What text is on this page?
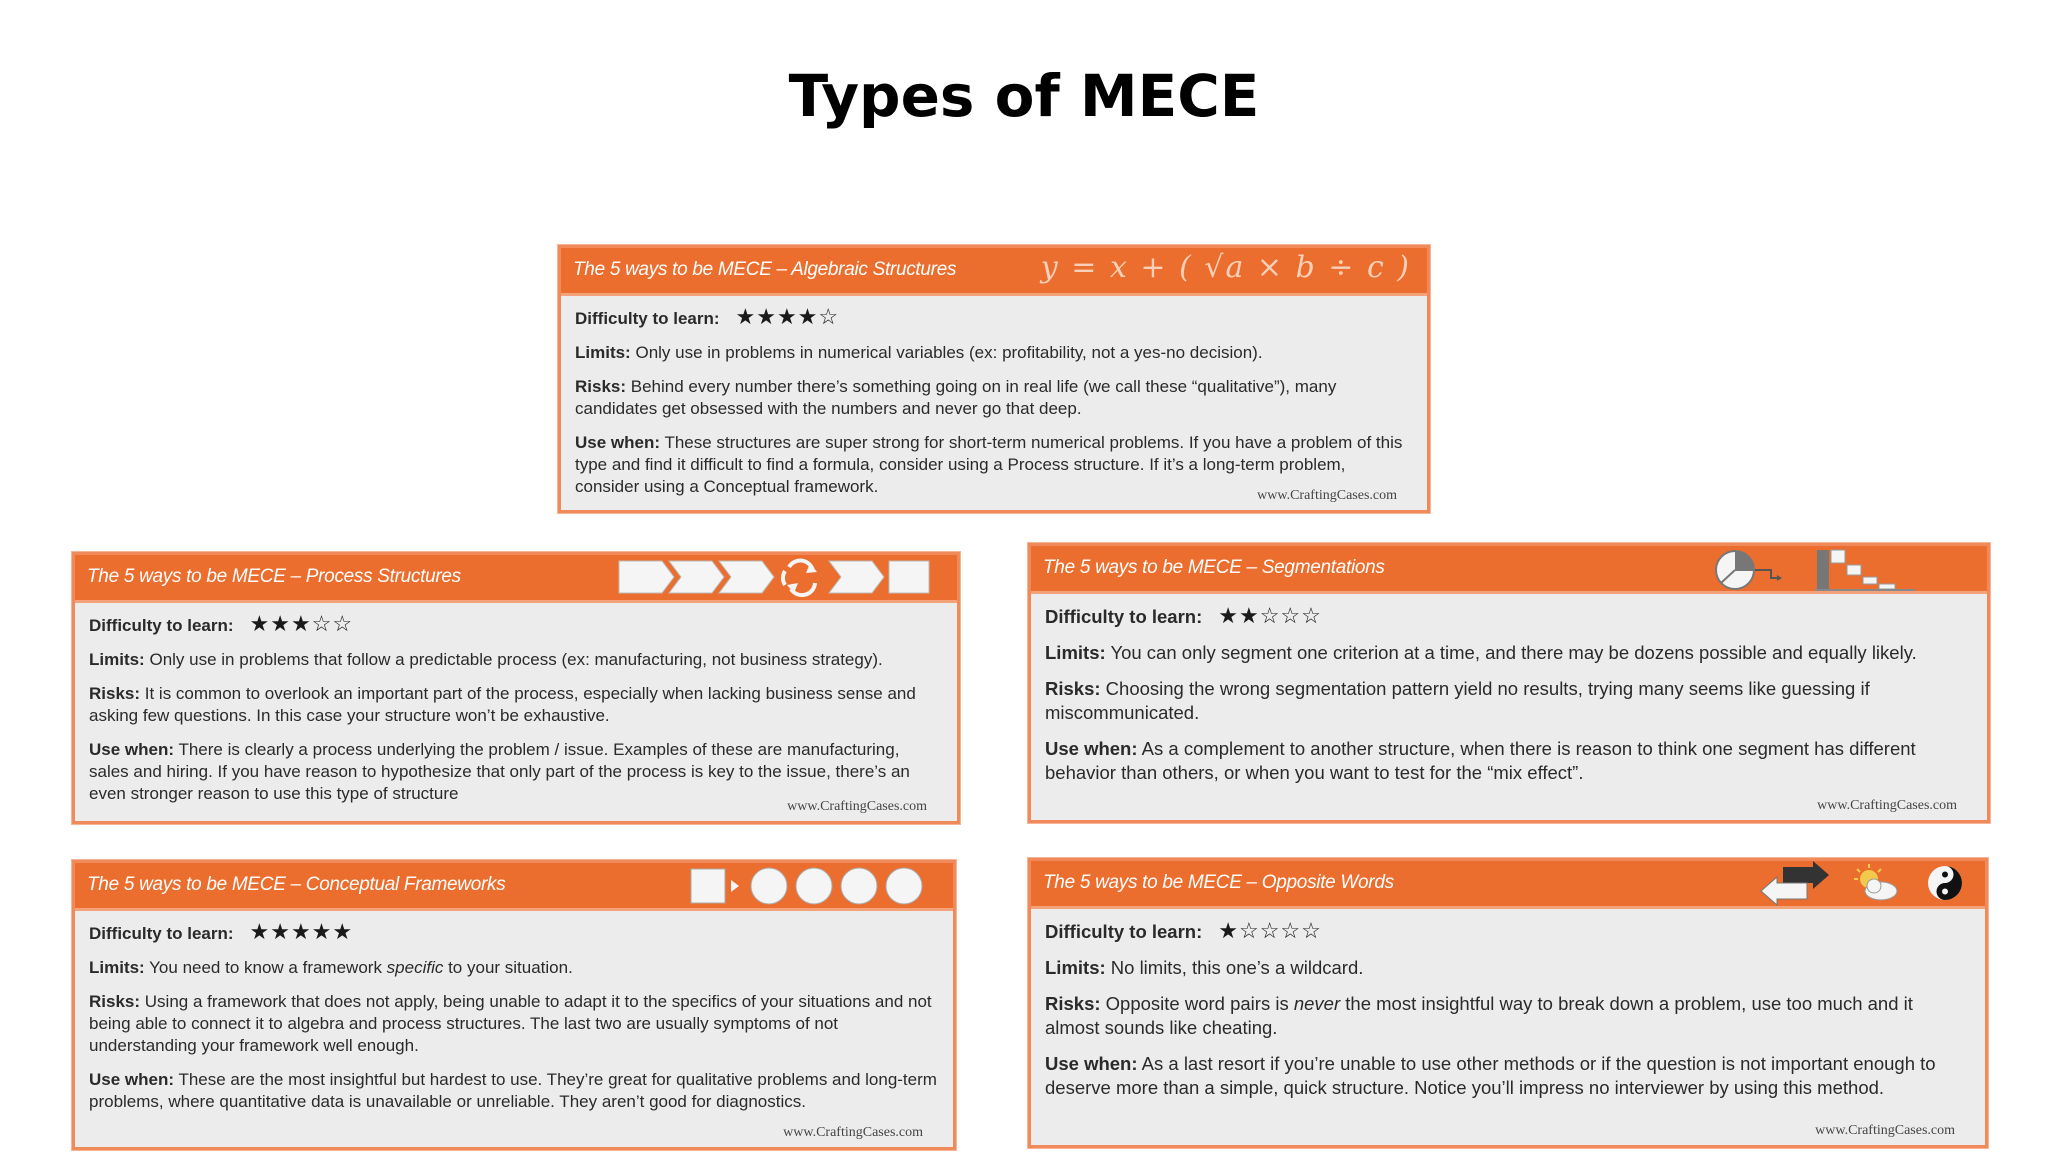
Types of MECE
The 5 ways to be MECE – Algebraic Structures	y = x + ( √a × b ÷ c )

Difficulty to learn: ★★★★☆

Limits: Only use in problems in numerical variables (ex: profitability, not a yes-no decision).

Risks: Behind every number there’s something going on in real life (we call these “qualitative”), many candidates get obsessed with the numbers and never go that deep.

Use when: These structures are super strong for short-term numerical problems. If you have a problem of this type and find it difficult to find a formula, consider using a Process structure. If it’s a long-term problem, consider using a Conceptual framework.	www.CraftingCases.com
The 5 ways to be MECE – Process Structures

Difficulty to learn: ★★★☆☆

Limits: Only use in problems that follow a predictable process (ex: manufacturing, not business strategy).

Risks: It is common to overlook an important part of the process, especially when lacking business sense and asking few questions. In this case your structure won’t be exhaustive.

Use when: There is clearly a process underlying the problem / issue. Examples of these are manufacturing, sales and hiring. If you have reason to hypothesize that only part of the process is key to the issue, there’s an even stronger reason to use this type of structure

www.CraftingCases.com
The 5 ways to be MECE – Segmentations

Difficulty to learn: ★★☆☆☆

Limits: You can only segment one criterion at a time, and there may be dozens possible and equally likely.

Risks: Choosing the wrong segmentation pattern yield no results, trying many seems like guessing if miscommunicated.

Use when: As a complement to another structure, when there is reason to think one segment has different behavior than others, or when you want to test for the “mix effect”.

www.CraftingCases.com
The 5 ways to be MECE – Conceptual Frameworks

Difficulty to learn: ★★★★★

Limits: You need to know a framework specific to your situation.

Risks: Using a framework that does not apply, being unable to adapt it to the specifics of your situations and not being able to connect it to algebra and process structures. The last two are usually symptoms of not understanding your framework well enough.

Use when: These are the most insightful but hardest to use. They’re great for qualitative problems and long-term problems, where quantitative data is unavailable or unreliable. They aren’t good for diagnostics.

www.CraftingCases.com
The 5 ways to be MECE – Opposite Words

Difficulty to learn: ★☆☆☆☆

Limits: No limits, this one’s a wildcard.

Risks: Opposite word pairs is never the most insightful way to break down a problem, use too much and it almost sounds like cheating.

Use when: As a last resort if you’re unable to use other methods or if the question is not important enough to deserve more than a simple, quick structure. Notice you’ll impress no interviewer by using this method.

www.CraftingCases.com
